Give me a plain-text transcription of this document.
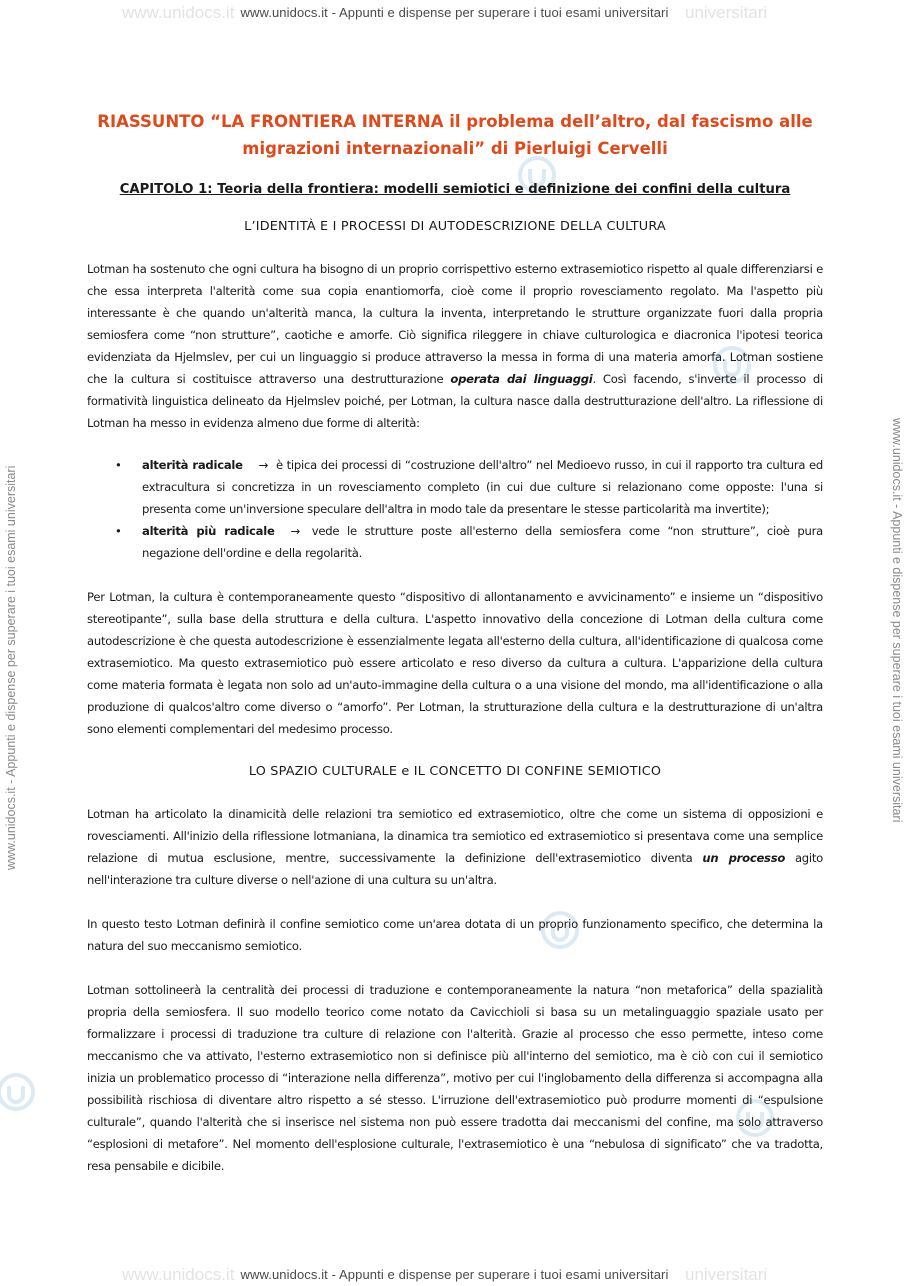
www.unidocs.it	universitari
www.unidocs.it	universitari
www.unidocs.it - Appunti e dispense per superare i tuoi esami universitari
www.unidocs.it - Appunti e dispense per superare i tuoi esami universitari
www.unidocs.it - Appunti e dispense per superare i tuoi esami universitari	www.unidocs.it - Appunti e dispense per superare i tuoi esami universitari
RIASSUNTO “LA FRONTIERA INTERNA il problema dell’altro, dal fascismo alle
migrazioni internazionali” di Pierluigi Cervelli
CAPITOLO 1: Teoria della frontiera: modelli semiotici e definizione dei confini della cultura
L’IDENTITÀ E I PROCESSI DI AUTODESCRIZIONE DELLA CULTURA

Lotman ha sostenuto che ogni cultura ha bisogno di un proprio corrispettivo esterno extrasemiotico rispetto al quale differenziarsi e che essa interpreta l'alterità come sua copia enantiomorfa, cioè come il proprio rovesciamento regolato. Ma l'aspetto più interessante è che quando un'alterità manca, la cultura la inventa, interpretando le strutture organizzate fuori dalla propria semiosfera come “non strutture”, caotiche e amorfe. Ciò significa rileggere in chiave culturologica e diacronica l'ipotesi teorica evidenziata da Hjelmslev, per cui un linguaggio si produce attraverso la messa in forma di una materia amorfa. Lotman sostiene che la cultura si costituisce attraverso una destrutturazione operata dai linguaggi. Così facendo, s'inverte il processo di formatività linguistica delineato da Hjelmslev poiché, per Lotman, la cultura nasce dalla destrutturazione dell'altro. La riflessione di Lotman ha messo in evidenza almeno due forme di alterità:

• alterità radicale → è tipica dei processi di “costruzione dell'altro” nel Medioevo russo, in cui il rapporto tra cultura ed extracultura si concretizza in un rovesciamento completo (in cui due culture si relazionano come opposte: l'una si presenta come un'inversione speculare dell'altra in modo tale da presentare le stesse particolarità ma invertite);
• alterità più radicale → vede le strutture poste all'esterno della semiosfera come “non strutture”, cioè pura negazione dell'ordine e della regolarità.

Per Lotman, la cultura è contemporaneamente questo “dispositivo di allontanamento e avvicinamento” e insieme un “dispositivo stereotipante”, sulla base della struttura e della cultura. L'aspetto innovativo della concezione di Lotman della cultura come autodescrizione è che questa autodescrizione è essenzialmente legata all'esterno della cultura, all'identificazione di qualcosa come extrasemiotico. Ma questo extrasemiotico può essere articolato e reso diverso da cultura a cultura. L'apparizione della cultura come materia formata è legata non solo ad un'auto-immagine della cultura o a una visione del mondo, ma all'identificazione o alla produzione di qualcos'altro come diverso o “amorfo”. Per Lotman, la strutturazione della cultura e la destrutturazione di un'altra sono elementi complementari del medesimo processo.

LO SPAZIO CULTURALE e IL CONCETTO DI CONFINE SEMIOTICO

Lotman ha articolato la dinamicità delle relazioni tra semiotico ed extrasemiotico, oltre che come un sistema di opposizioni e rovesciamenti. All'inizio della riflessione lotmaniana, la dinamica tra semiotico ed extrasemiotico si presentava come una semplice relazione di mutua esclusione, mentre, successivamente la definizione dell'extrasemiotico diventa un processo agito nell'interazione tra culture diverse o nell'azione di una cultura su un'altra.

In questo testo Lotman definirà il confine semiotico come un'area dotata di un proprio funzionamento specifico, che determina la natura del suo meccanismo semiotico.

Lotman sottolineerà la centralità dei processi di traduzione e contemporaneamente la natura “non metaforica” della spazialità propria della semiosfera. Il suo modello teorico come notato da Cavicchioli si basa su un metalinguaggio spaziale usato per formalizzare i processi di traduzione tra culture di relazione con l'alterità. Grazie al processo che esso permette, inteso come meccanismo che va attivato, l'esterno extrasemiotico non si definisce più all'interno del semiotico, ma è ciò con cui il semiotico inizia un problematico processo di “interazione nella differenza”, motivo per cui l'inglobamento della differenza si accompagna alla possibilità rischiosa di diventare altro rispetto a sé stesso. L'irruzione dell'extrasemiotico può produrre momenti di “espulsione culturale”, quando l'alterità che si inserisce nel sistema non può essere tradotta dai meccanismi del confine, ma solo attraverso “esplosioni di metafore”. Nel momento dell'esplosione culturale, l'extrasemiotico è una “nebulosa di significato” che va tradotta, resa pensabile e dicibile.
